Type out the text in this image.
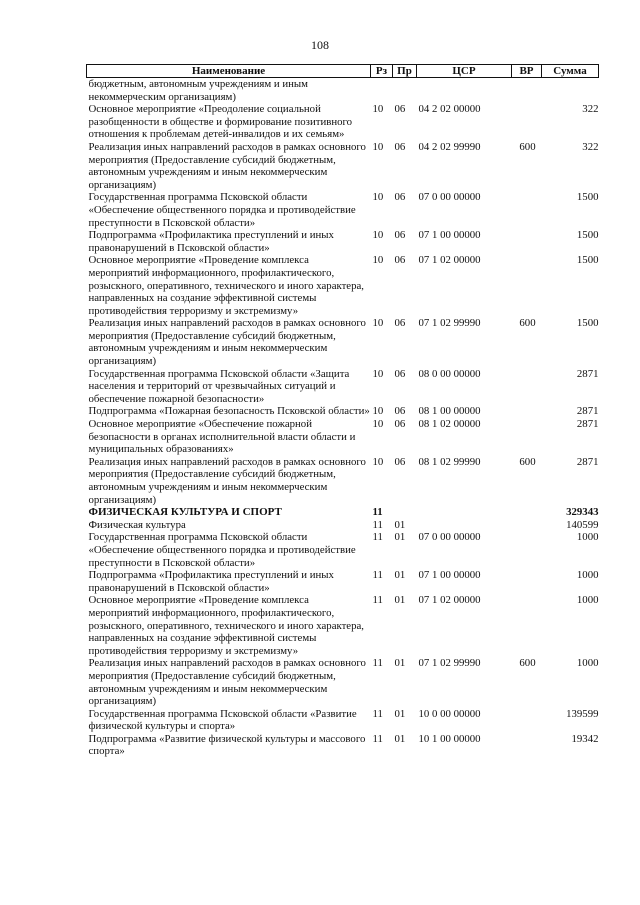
108
Наименование	Рз	Пр	ЦСР	ВР	Сумма
бюджетным, автономным учреждениям и иным некоммерческим организациям)					
Основное мероприятие «Преодоление социальной разобщенности в обществе и формирование позитивного отношения к проблемам детей-инвалидов и их семьям»	10	06	04 2 02 00000		322
Реализация иных направлений расходов в рамках основного мероприятия (Предоставление субсидий бюджетным, автономным учреждениям и иным некоммерческим организациям)	10	06	04 2 02 99990	600	322
Государственная программа Псковской области «Обеспечение общественного порядка и противодействие преступности в Псковской области»	10	06	07 0 00 00000		1500
Подпрограмма «Профилактика преступлений и иных правонарушений в Псковской области»	10	06	07 1 00 00000		1500
Основное мероприятие «Проведение комплекса мероприятий информационного, профилактического, розыскного, оперативного, технического и иного характера, направленных на создание эффективной системы противодействия терроризму и экстремизму»	10	06	07 1 02 00000		1500
Реализация иных направлений расходов в рамках основного мероприятия (Предоставление субсидий бюджетным, автономным учреждениям и иным некоммерческим организациям)	10	06	07 1 02 99990	600	1500
Государственная программа Псковской области «Защита населения и территорий от чрезвычайных ситуаций и обеспечение пожарной безопасности»	10	06	08 0 00 00000		2871
Подпрограмма «Пожарная безопасность Псковской области»	10	06	08 1 00 00000		2871
Основное мероприятие «Обеспечение пожарной безопасности в органах исполнительной власти области и муниципальных образованиях»	10	06	08 1 02 00000		2871
Реализация иных направлений расходов в рамках основного мероприятия (Предоставление субсидий бюджетным, автономным учреждениям и иным некоммерческим организациям)	10	06	08 1 02 99990	600	2871
ФИЗИЧЕСКАЯ КУЛЬТУРА И СПОРТ	11				329343
Физическая культура	11	01			140599
Государственная программа Псковской области «Обеспечение общественного порядка и противодействие преступности в Псковской области»	11	01	07 0 00 00000		1000
Подпрограмма «Профилактика преступлений и иных правонарушений в Псковской области»	11	01	07 1 00 00000		1000
Основное мероприятие «Проведение комплекса мероприятий информационного, профилактического, розыскного, оперативного, технического и иного характера, направленных на создание эффективной системы противодействия терроризму и экстремизму»	11	01	07 1 02 00000		1000
Реализация иных направлений расходов в рамках основного мероприятия (Предоставление субсидий бюджетным, автономным учреждениям и иным некоммерческим организациям)	11	01	07 1 02 99990	600	1000
Государственная программа Псковской области «Развитие физической культуры и спорта»	11	01	10 0 00 00000		139599
Подпрограмма «Развитие физической культуры и массового спорта»	11	01	10 1 00 00000		19342
